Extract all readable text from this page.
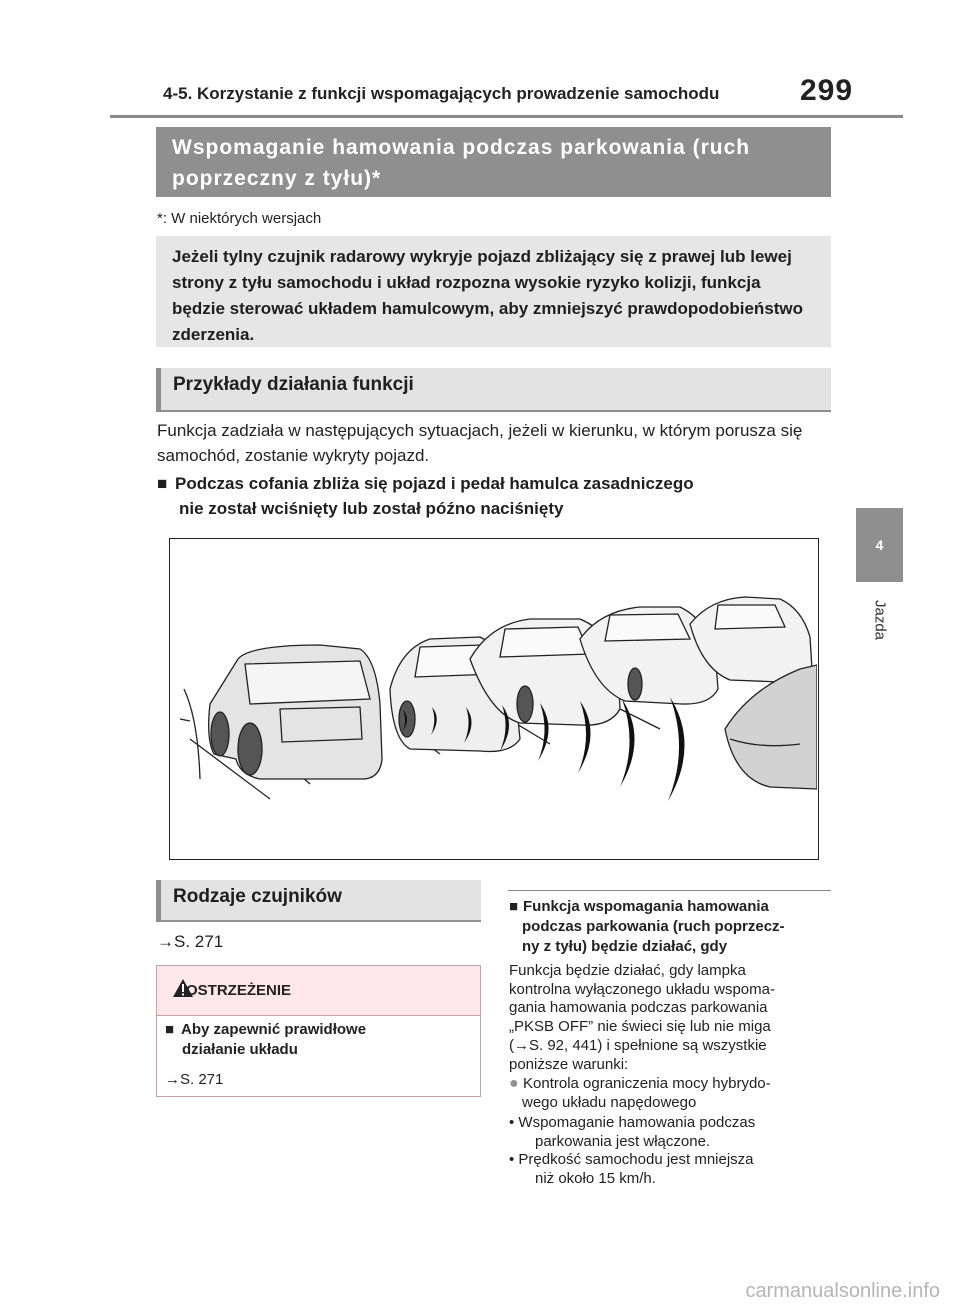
4-5. Korzystanie z funkcji wspomagających prowadzenie samochodu	299
4
Jazda
Wspomaganie hamowania podczas parkowania (ruch poprzeczny z tyłu)*
*: W niektórych wersjach
Jeżeli tylny czujnik radarowy wykryje pojazd zbliżający się z prawej lub lewej strony z tyłu samochodu i układ rozpozna wysokie ryzyko kolizji, funkcja będzie sterować układem hamulcowym, aby zmniejszyć prawdopodobieństwo zderzenia.
Przykłady działania funkcji
Funkcja zadziała w następujących sytuacjach, jeżeli w kierunku, w którym porusza się samochód, zostanie wykryty pojazd.
■ Podczas cofania zbliża się pojazd i pedał hamulca zasadniczego
nie został wciśnięty lub został późno naciśnięty
Rodzaje czujników
→S. 271
OSTRZEŻENIE
■ Aby zapewnić prawidłowe
działanie układu
→S. 271
■ Funkcja wspomagania hamowania
podczas parkowania (ruch poprzecz-
ny z tyłu) będzie działać, gdy
Funkcja będzie działać, gdy lampka
kontrolna wyłączonego układu wspoma-
gania hamowania podczas parkowania
„PKSB OFF” nie świeci się lub nie miga
(→S. 92, 441) i spełnione są wszystkie
poniższe warunki:
● Kontrola ograniczenia mocy hybrydo-
wego układu napędowego
• Wspomaganie hamowania podczas
parkowania jest włączone.
• Prędkość samochodu jest mniejsza
niż około 15 km/h.
carmanualsonline.info
